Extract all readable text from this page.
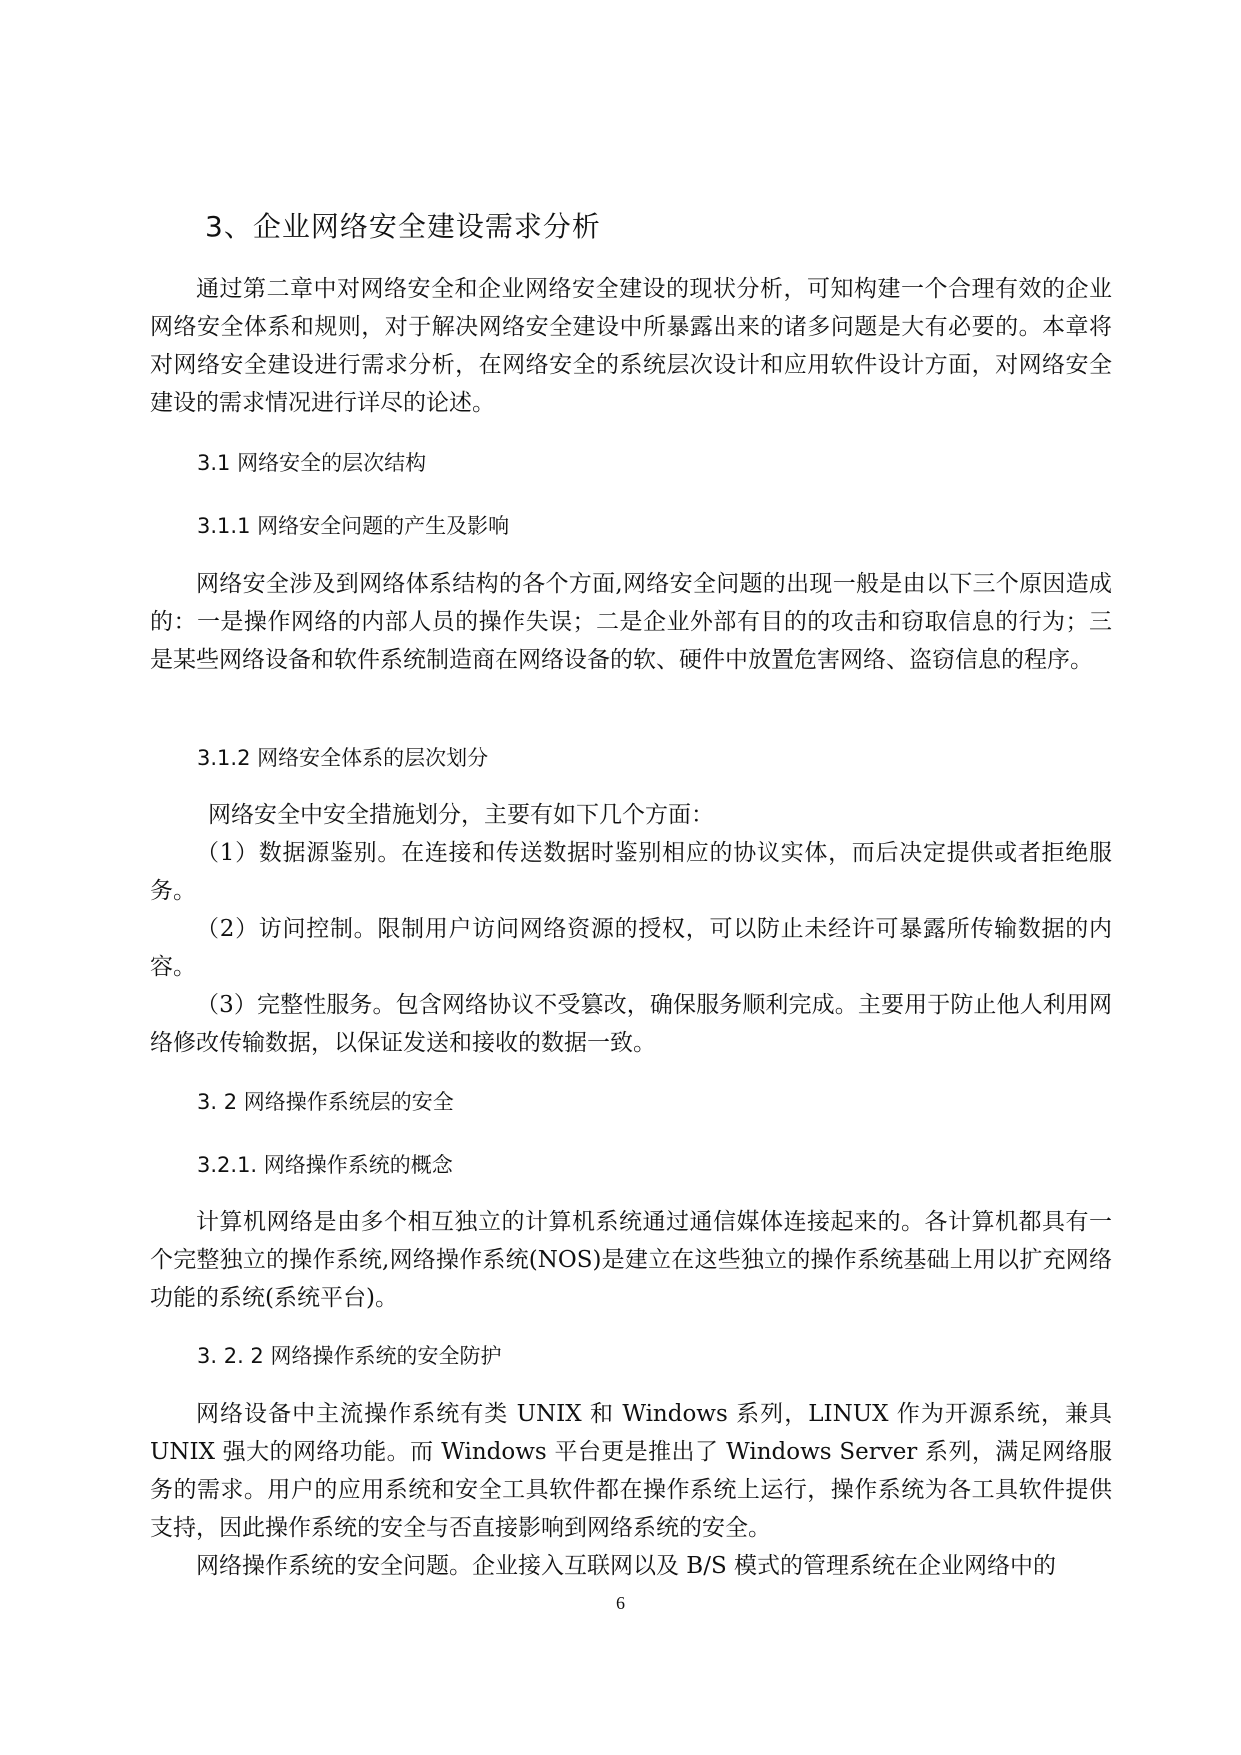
3、企业网络安全建设需求分析

通过第二章中对网络安全和企业网络安全建设的现状分析，可知构建一个合理有效的企业网络安全体系和规则，对于解决网络安全建设中所暴露出来的诸多问题是大有必要的。本章将对网络安全建设进行需求分析，在网络安全的系统层次设计和应用软件设计方面，对网络安全建设的需求情况进行详尽的论述。

3.1 网络安全的层次结构
3.1.1 网络安全问题的产生及影响

网络安全涉及到网络体系结构的各个方面,网络安全问题的出现一般是由以下三个原因造成的：一是操作网络的内部人员的操作失误；二是企业外部有目的的攻击和窃取信息的行为；三是某些网络设备和软件系统制造商在网络设备的软、硬件中放置危害网络、盗窃信息的程序。

3.1.2 网络安全体系的层次划分

网络安全中安全措施划分，主要有如下几个方面：

（1）数据源鉴别。在连接和传送数据时鉴别相应的协议实体，而后决定提供或者拒绝服务。

（2）访问控制。限制用户访问网络资源的授权，可以防止未经许可暴露所传输数据的内容。

（3）完整性服务。包含网络协议不受篡改，确保服务顺利完成。主要用于防止他人利用网络修改传输数据，以保证发送和接收的数据一致。

3. 2 网络操作系统层的安全
3.2.1. 网络操作系统的概念

计算机网络是由多个相互独立的计算机系统通过通信媒体连接起来的。各计算机都具有一个完整独立的操作系统,网络操作系统(NOS)是建立在这些独立的操作系统基础上用以扩充网络功能的系统(系统平台)。

3. 2. 2 网络操作系统的安全防护

网络设备中主流操作系统有类 UNIX 和 Windows 系列，LINUX 作为开源系统，兼具 UNIX 强大的网络功能。而 Windows 平台更是推出了 Windows Server 系列，满足网络服务的需求。用户的应用系统和安全工具软件都在操作系统上运行，操作系统为各工具软件提供支持，因此操作系统的安全与否直接影响到网络系统的安全。

网络操作系统的安全问题。企业接入互联网以及 B/S 模式的管理系统在企业网络中的

6
